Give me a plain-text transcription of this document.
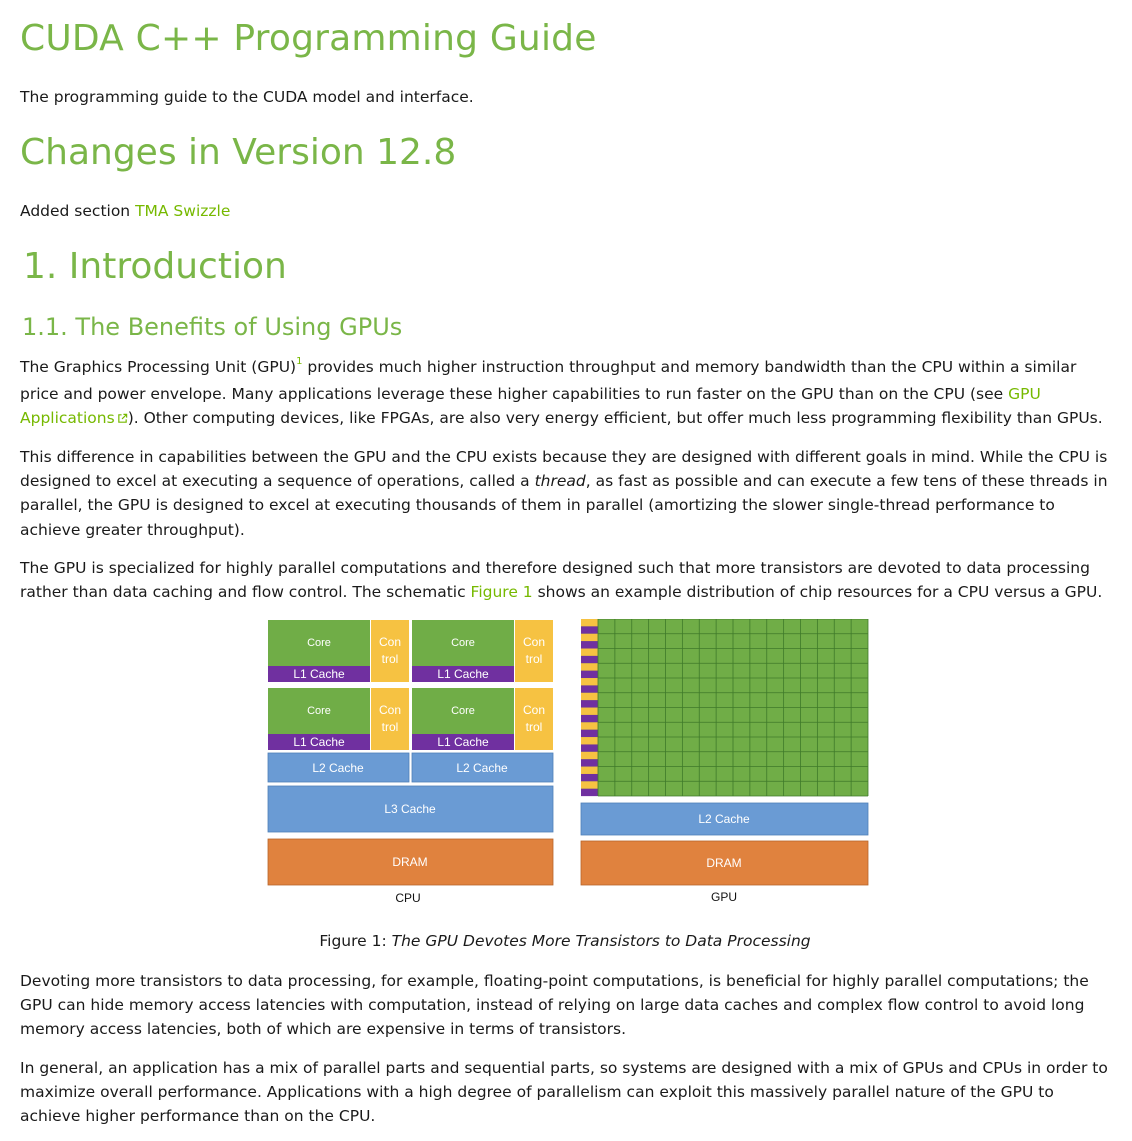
CUDA C++ Programming Guide
The programming guide to the CUDA model and interface.
Changes in Version 12.8
Added section TMA Swizzle
1. Introduction
1.1. The Benefits of Using GPUs

The Graphics Processing Unit (GPU)$^1$ provides much higher instruction throughput and memory bandwidth than the CPU within a similar price and power envelope. Many applications leverage these higher capabilities to run faster on the GPU than on the CPU (see GPU Applications ). Other computing devices, like FPGAs, are also very energy efficient, but offer much less programming flexibility than GPUs.

This difference in capabilities between the GPU and the CPU exists because they are designed with different goals in mind. While the CPU is designed to excel at executing a sequence of operations, called a thread, as fast as possible and can execute a few tens of these threads in parallel, the GPU is designed to excel at executing thousands of them in parallel (amortizing the slower single-thread performance to achieve greater throughput).

The GPU is specialized for highly parallel computations and therefore designed such that more transistors are devoted to data processing rather than data caching and flow control. The schematic Figure 1 shows an example distribution of chip resources for a CPU versus a GPU.

Figure 1: The GPU Devotes More Transistors to Data Processing

Devoting more transistors to data processing, for example, floating-point computations, is beneficial for highly parallel computations; the GPU can hide memory access latencies with computation, instead of relying on large data caches and complex flow control to avoid long memory access latencies, both of which are expensive in terms of transistors.

In general, an application has a mix of parallel parts and sequential parts, so systems are designed with a mix of GPUs and CPUs in order to maximize overall performance. Applications with a high degree of parallelism can exploit this massively parallel nature of the GPU to achieve higher performance than on the CPU.

Core
L1 Cache
Con
trol
Core
L1 Cache
Con
trol
Core
L1 Cache
Con
trol
Core
L1 Cache
Con
trol
L2 Cache	L2 Cache
L3 Cache
DRAM
CPU
L2 Cache
DRAM
GPU
